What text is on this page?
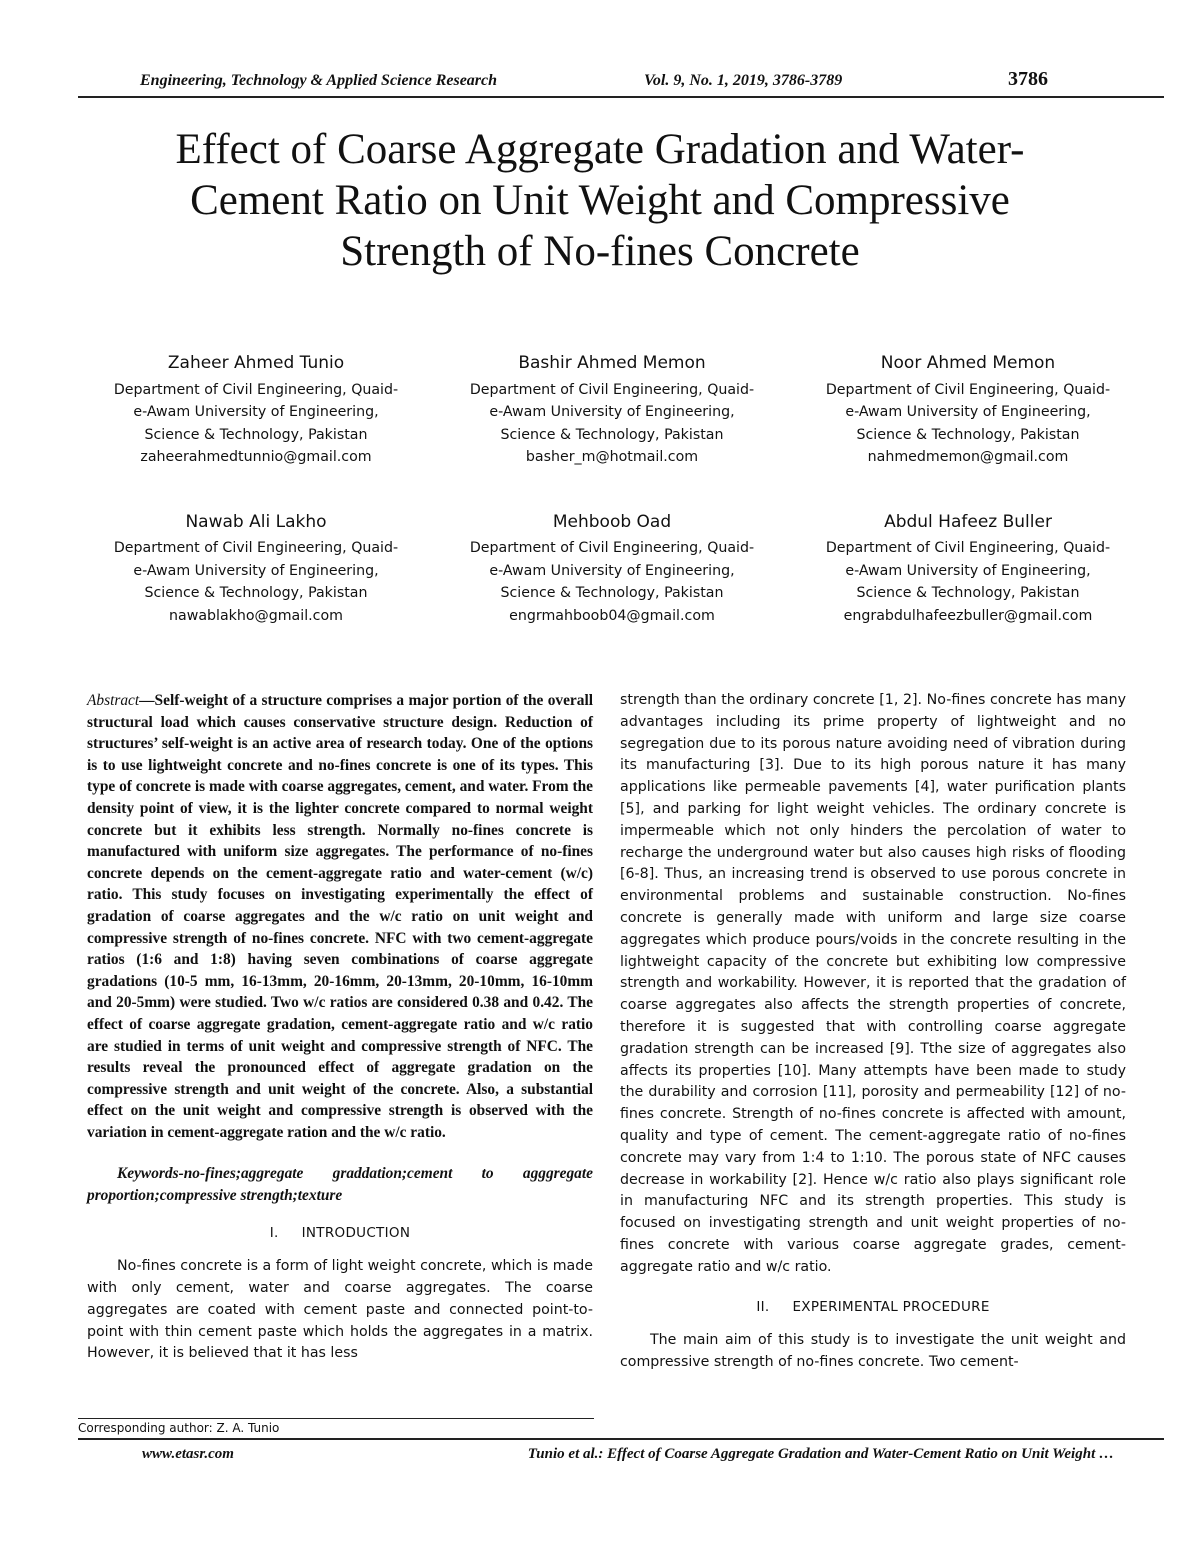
Engineering, Technology & Applied Science Research	Vol. 9, No. 1, 2019, 3786-3789	3786
Effect of Coarse Aggregate Gradation and Water-
Cement Ratio on Unit Weight and Compressive
Strength of No-fines Concrete
Zaheer Ahmed Tunio
Department of Civil Engineering, Quaid-
e-Awam University of Engineering,
Science & Technology, Pakistan
zaheerahmedtunnio@gmail.com
Bashir Ahmed Memon
Department of Civil Engineering, Quaid-
e-Awam University of Engineering,
Science & Technology, Pakistan
basher_m@hotmail.com
Noor Ahmed Memon
Department of Civil Engineering, Quaid-
e-Awam University of Engineering,
Science & Technology, Pakistan
nahmedmemon@gmail.com
Nawab Ali Lakho
Department of Civil Engineering, Quaid-
e-Awam University of Engineering,
Science & Technology, Pakistan
nawablakho@gmail.com
Mehboob Oad
Department of Civil Engineering, Quaid-
e-Awam University of Engineering,
Science & Technology, Pakistan
engrmahboob04@gmail.com
Abdul Hafeez Buller
Department of Civil Engineering, Quaid-
e-Awam University of Engineering,
Science & Technology, Pakistan
engrabdulhafeezbuller@gmail.com

Abstract—Self-weight of a structure comprises a major portion of the overall structural load which causes conservative structure design. Reduction of structures’ self-weight is an active area of research today. One of the options is to use lightweight concrete and no-fines concrete is one of its types. This type of concrete is made with coarse aggregates, cement, and water. From the density point of view, it is the lighter concrete compared to normal weight concrete but it exhibits less strength. Normally no-fines concrete is manufactured with uniform size aggregates. The performance of no-fines concrete depends on the cement-aggregate ratio and water-cement (w/c) ratio. This study focuses on investigating experimentally the effect of gradation of coarse aggregates and the w/c ratio on unit weight and compressive strength of no-fines concrete. NFC with two cement-aggregate ratios (1:6 and 1:8) having seven combinations of coarse aggregate gradations (10-5 mm, 16-13mm, 20-16mm, 20-13mm, 20-10mm, 16-10mm and 20-5mm) were studied. Two w/c ratios are considered 0.38 and 0.42. The effect of coarse aggregate gradation, cement-aggregate ratio and w/c ratio are studied in terms of unit weight and compressive strength of NFC. The results reveal the pronounced effect of aggregate gradation on the compressive strength and unit weight of the concrete. Also, a substantial effect on the unit weight and compressive strength is observed with the variation in cement-aggregate ration and the w/c ratio.

Keywords-no-fines;aggregate graddation;cement to agggregate proportion;compressive strength;texture

I. INTRODUCTION

No-fines concrete is a form of light weight concrete, which is made with only cement, water and coarse aggregates. The coarse aggregates are coated with cement paste and connected point-to-point with thin cement paste which holds the aggregates in a matrix. However, it is believed that it has less

strength than the ordinary concrete [1, 2]. No-fines concrete has many advantages including its prime property of lightweight and no segregation due to its porous nature avoiding need of vibration during its manufacturing [3]. Due to its high porous nature it has many applications like permeable pavements [4], water purification plants [5], and parking for light weight vehicles. The ordinary concrete is impermeable which not only hinders the percolation of water to recharge the underground water but also causes high risks of flooding [6-8]. Thus, an increasing trend is observed to use porous concrete in environmental problems and sustainable construction. No-fines concrete is generally made with uniform and large size coarse aggregates which produce pours/voids in the concrete resulting in the lightweight capacity of the concrete but exhibiting low compressive strength and workability. However, it is reported that the gradation of coarse aggregates also affects the strength properties of concrete, therefore it is suggested that with controlling coarse aggregate gradation strength can be increased [9]. Tthe size of aggregates also affects its properties [10]. Many attempts have been made to study the durability and corrosion [11], porosity and permeability [12] of no-fines concrete. Strength of no-fines concrete is affected with amount, quality and type of cement. The cement-aggregate ratio of no-fines concrete may vary from 1:4 to 1:10. The porous state of NFC causes decrease in workability [2]. Hence w/c ratio also plays significant role in manufacturing NFC and its strength properties. This study is focused on investigating strength and unit weight properties of no-fines concrete with various coarse aggregate grades, cement-aggregate ratio and w/c ratio.

II. EXPERIMENTAL PROCEDURE

The main aim of this study is to investigate the unit weight and compressive strength of no-fines concrete. Two cement-

Corresponding author: Z. A. Tunio
www.etasr.com	Tunio et al.: Effect of Coarse Aggregate Gradation and Water-Cement Ratio on Unit Weight …
